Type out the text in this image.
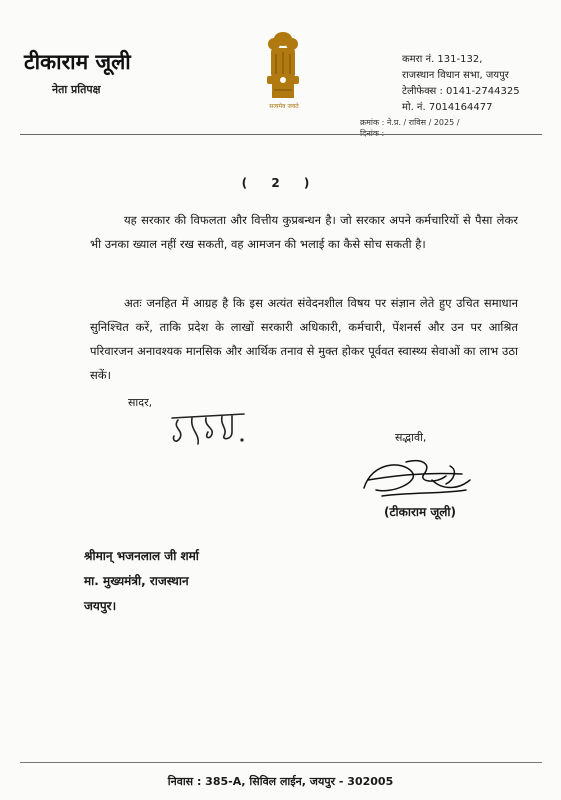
टीकाराम जूली
नेता प्रतिपक्ष
सत्यमेव जयते
कमरा नं. 131-132,
राजस्थान विधान सभा, जयपुर
टेलीफेक्स : 0141-2744325
मो. नं. 7014164477
क्रमांक : ने.प्र. / राविस / 2025 /
दिनांक :
( 2 )
यह सरकार की विफलता और वित्तीय कुप्रबन्धन है। जो सरकार अपने कर्मचारियों से पैसा लेकर भी उनका ख्याल नहीं रख सकती, वह आमजन की भलाई का कैसे सोच सकती है।
अतः जनहित में आग्रह है कि इस अत्यंत संवेदनशील विषय पर संज्ञान लेते हुए उचित समाधान सुनिश्चित करें, ताकि प्रदेश के लाखों सरकारी अधिकारी, कर्मचारी, पेंशनर्स और उन पर आश्रित परिवारजन अनावश्यक मानसिक और आर्थिक तनाव से मुक्त होकर पूर्ववत स्वास्थ्य सेवाओं का लाभ उठा सकें।
सादर,
सद्भावी,
(टीकाराम जूली)
श्रीमान् भजनलाल जी शर्मा
मा. मुख्यमंत्री, राजस्थान
जयपुर।
निवास : 385-A, सिविल लाईन, जयपुर - 302005
